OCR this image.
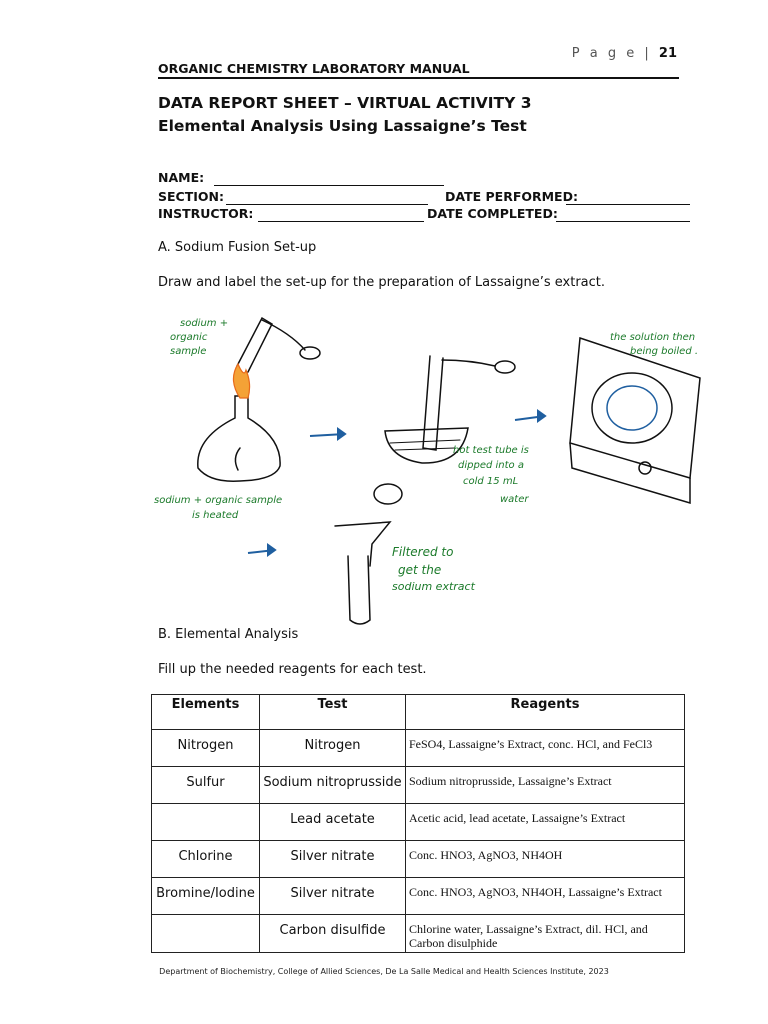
P a g e | 21
ORGANIC CHEMISTRY LABORATORY MANUAL
DATA REPORT SHEET – VIRTUAL ACTIVITY 3
Elemental Analysis Using Lassaigne’s Test
NAME:
SECTION:	DATE PERFORMED:
INSTRUCTOR:	DATE COMPLETED:
A. Sodium Fusion Set-up
Draw and label the set-up for the preparation of Lassaigne’s extract.
sodium +
organic
sample
sodium + organic sample
is heated
hot test tube is
dipped into a
cold 15 mL
water
the solution then
being boiled .
Filtered to
get the
sodium extract
B. Elemental Analysis
Fill up the needed reagents for each test.
Elements	Test	Reagents
Nitrogen	Nitrogen	FeSO4, Lassaigne’s Extract, conc. HCl, and FeCl3
Sulfur	Sodium nitroprusside	Sodium nitroprusside, Lassaigne’s Extract
	Lead acetate	Acetic acid, lead acetate, Lassaigne’s Extract
Chlorine	Silver nitrate	Conc. HNO3, AgNO3, NH4OH
Bromine/Iodine	Silver nitrate	Conc. HNO3, AgNO3, NH4OH, Lassaigne’s Extract
	Carbon disulfide	Chlorine water, Lassaigne’s Extract, dil. HCl, and Carbon disulphide
Department of Biochemistry, College of Allied Sciences, De La Salle Medical and Health Sciences Institute, 2023
